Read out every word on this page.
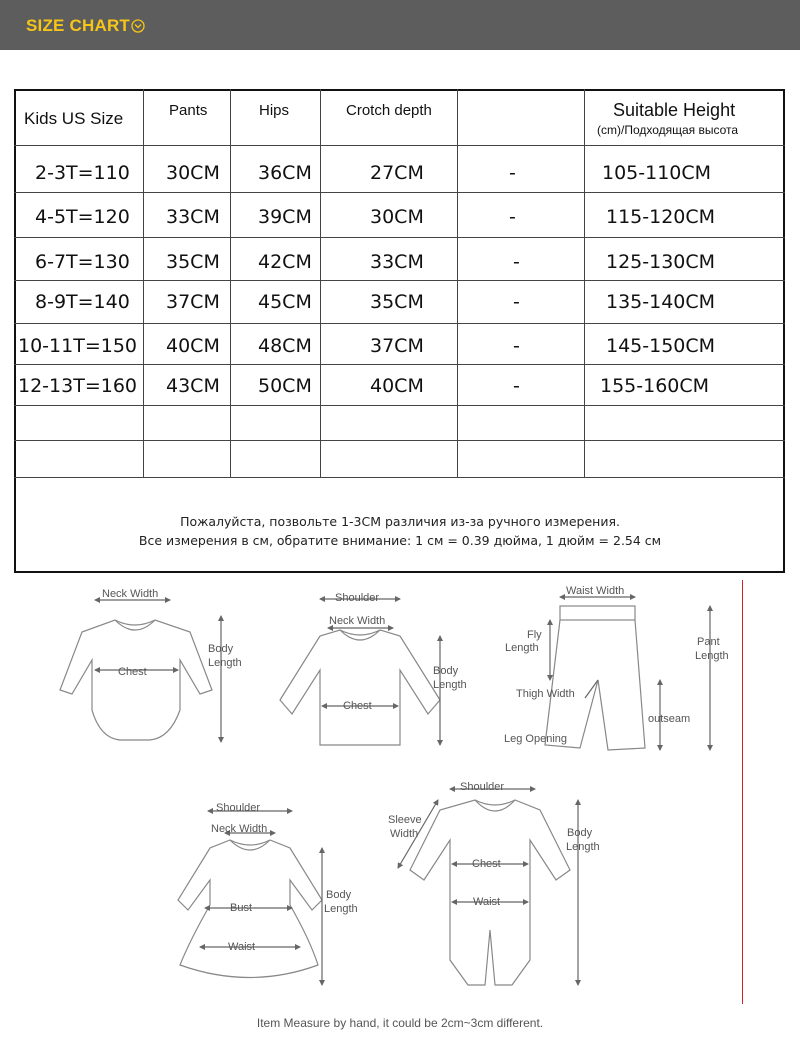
SIZE CHART
Kids US Size	Pants	Hips	Crotch depth	Suitable Height
(cm)/Подходящая высота
2-3T=110 30CM 36CM	27CM	-	105-110CM
4-5T=120 33CM 39CM	30CM	-	115-120CM
6-7T=130 35CM 42CM	33CM	-	125-130CM
8-9T=140 37CM 45CM	35CM	-	135-140CM
10-11T=150 40CM 48CM	37CM	-	145-150CM
12-13T=160 43CM 50CM	40CM	-	155-160CM
Пожалуйста, позвольте 1-3CM различия из-за ручного измерения.
Все измерения в см, обратите внимание: 1 см = 0.39 дюйма, 1 дюйм = 2.54 см
Neck Width
Chest
Body
Length
Shoulder
Neck Width
Chest
Body
Length
Waist Width
Fly
Length	Pant
Length
Thigh Width
outseam
Leg Opening
Shoulder
Neck Width
Bust
Waist
Body
Length
Shoulder
Sleeve
Width
Chest
Waist
Body
Length
Item Measure by hand, it could be 2cm~3cm different.
